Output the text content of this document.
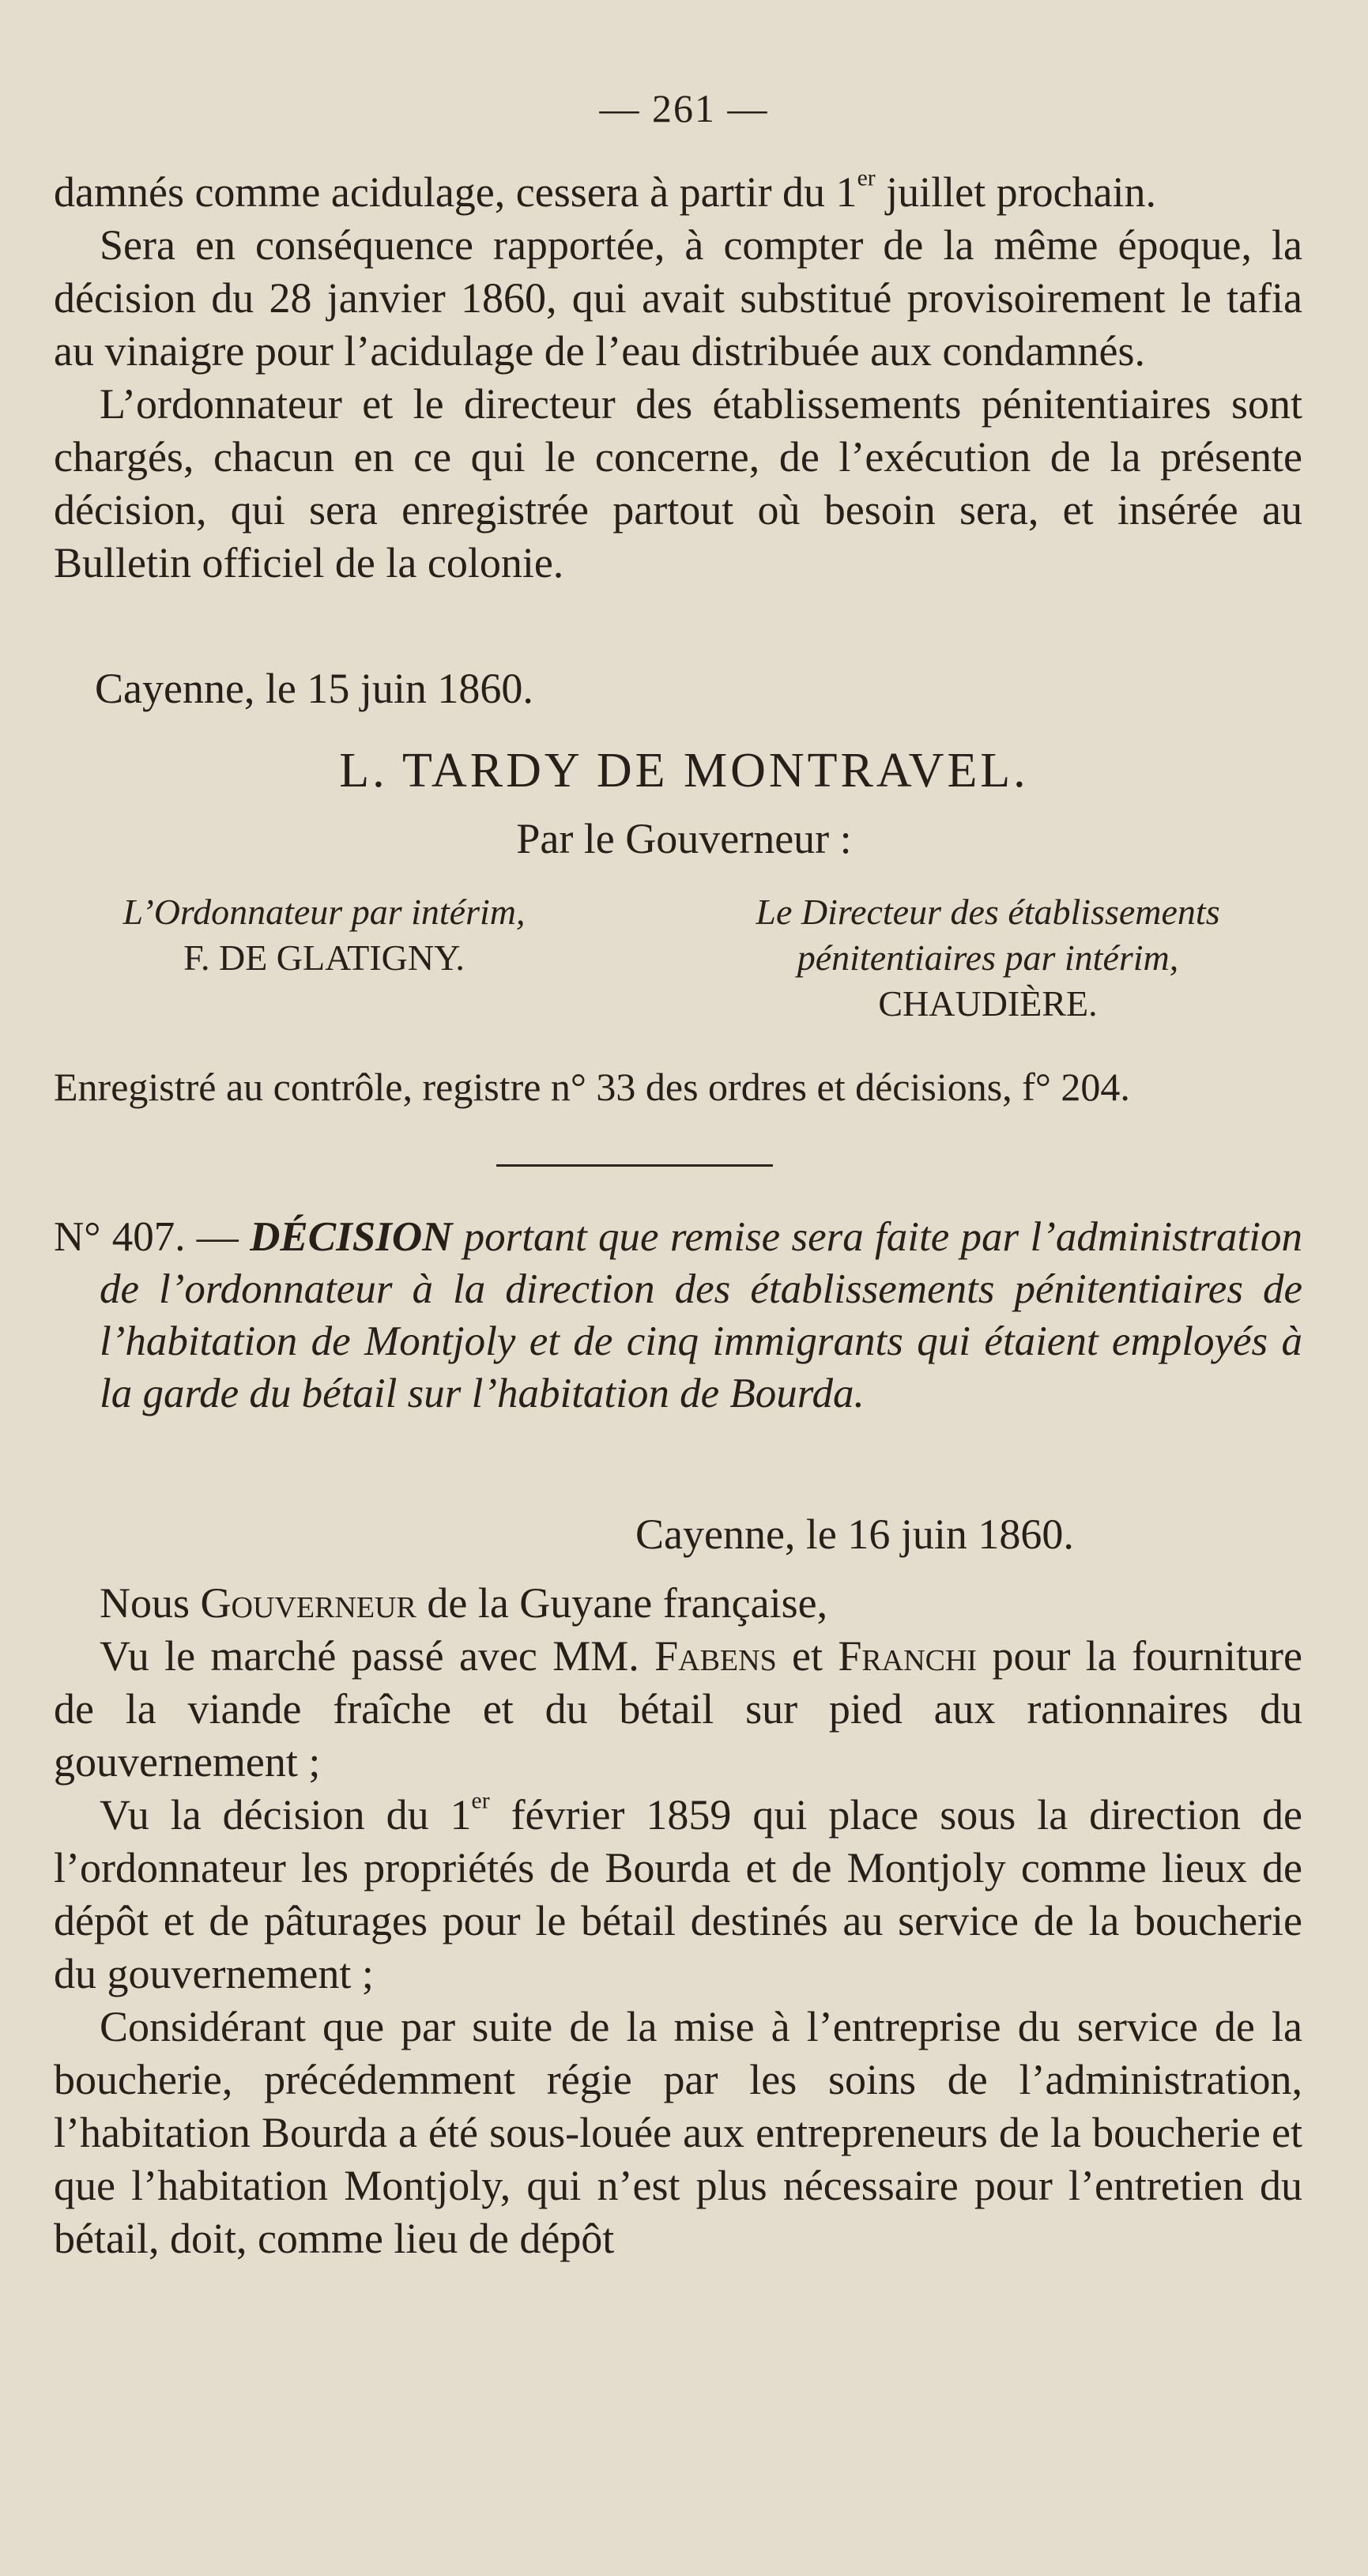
— 261 —

damnés comme acidulage, cessera à partir du 1er juillet prochain.

Sera en conséquence rapportée, à compter de la même époque, la décision du 28 janvier 1860, qui avait substitué provisoirement le tafia au vinaigre pour l’acidulage de l’eau distribuée aux condamnés.

L’ordonnateur et le directeur des établissements pénitentiaires sont chargés, chacun en ce qui le concerne, de l’exécution de la présente décision, qui sera enregistrée partout où besoin sera, et insérée au Bulletin officiel de la colonie.

Cayenne, le 15 juin 1860.
L. TARDY DE MONTRAVEL.
Par le Gouverneur :
L’Ordonnateur par intérim,
F. DE GLATIGNY.
Le Directeur des établissements
pénitentiaires par intérim,
CHAUDIÈRE.
Enregistré au contrôle, registre n° 33 des ordres et décisions, f° 204.

N° 407. — DÉCISION portant que remise sera faite par l’administration de l’ordonnateur à la direction des établissements pénitentiaires de l’habitation de Montjoly et de cinq immigrants qui étaient employés à la garde du bétail sur l’habitation de Bourda.

Cayenne, le 16 juin 1860.

Nous Gouverneur de la Guyane française,

Vu le marché passé avec MM. Fabens et Franchi pour la fourniture de la viande fraîche et du bétail sur pied aux rationnaires du gouvernement ;

Vu la décision du 1er février 1859 qui place sous la direction de l’ordonnateur les propriétés de Bourda et de Montjoly comme lieux de dépôt et de pâturages pour le bétail destinés au service de la boucherie du gouvernement ;

Considérant que par suite de la mise à l’entreprise du service de la boucherie, précédemment régie par les soins de l’administration, l’habitation Bourda a été sous-louée aux entrepreneurs de la boucherie et que l’habitation Montjoly, qui n’est plus nécessaire pour l’entretien du bétail, doit, comme lieu de dépôt
